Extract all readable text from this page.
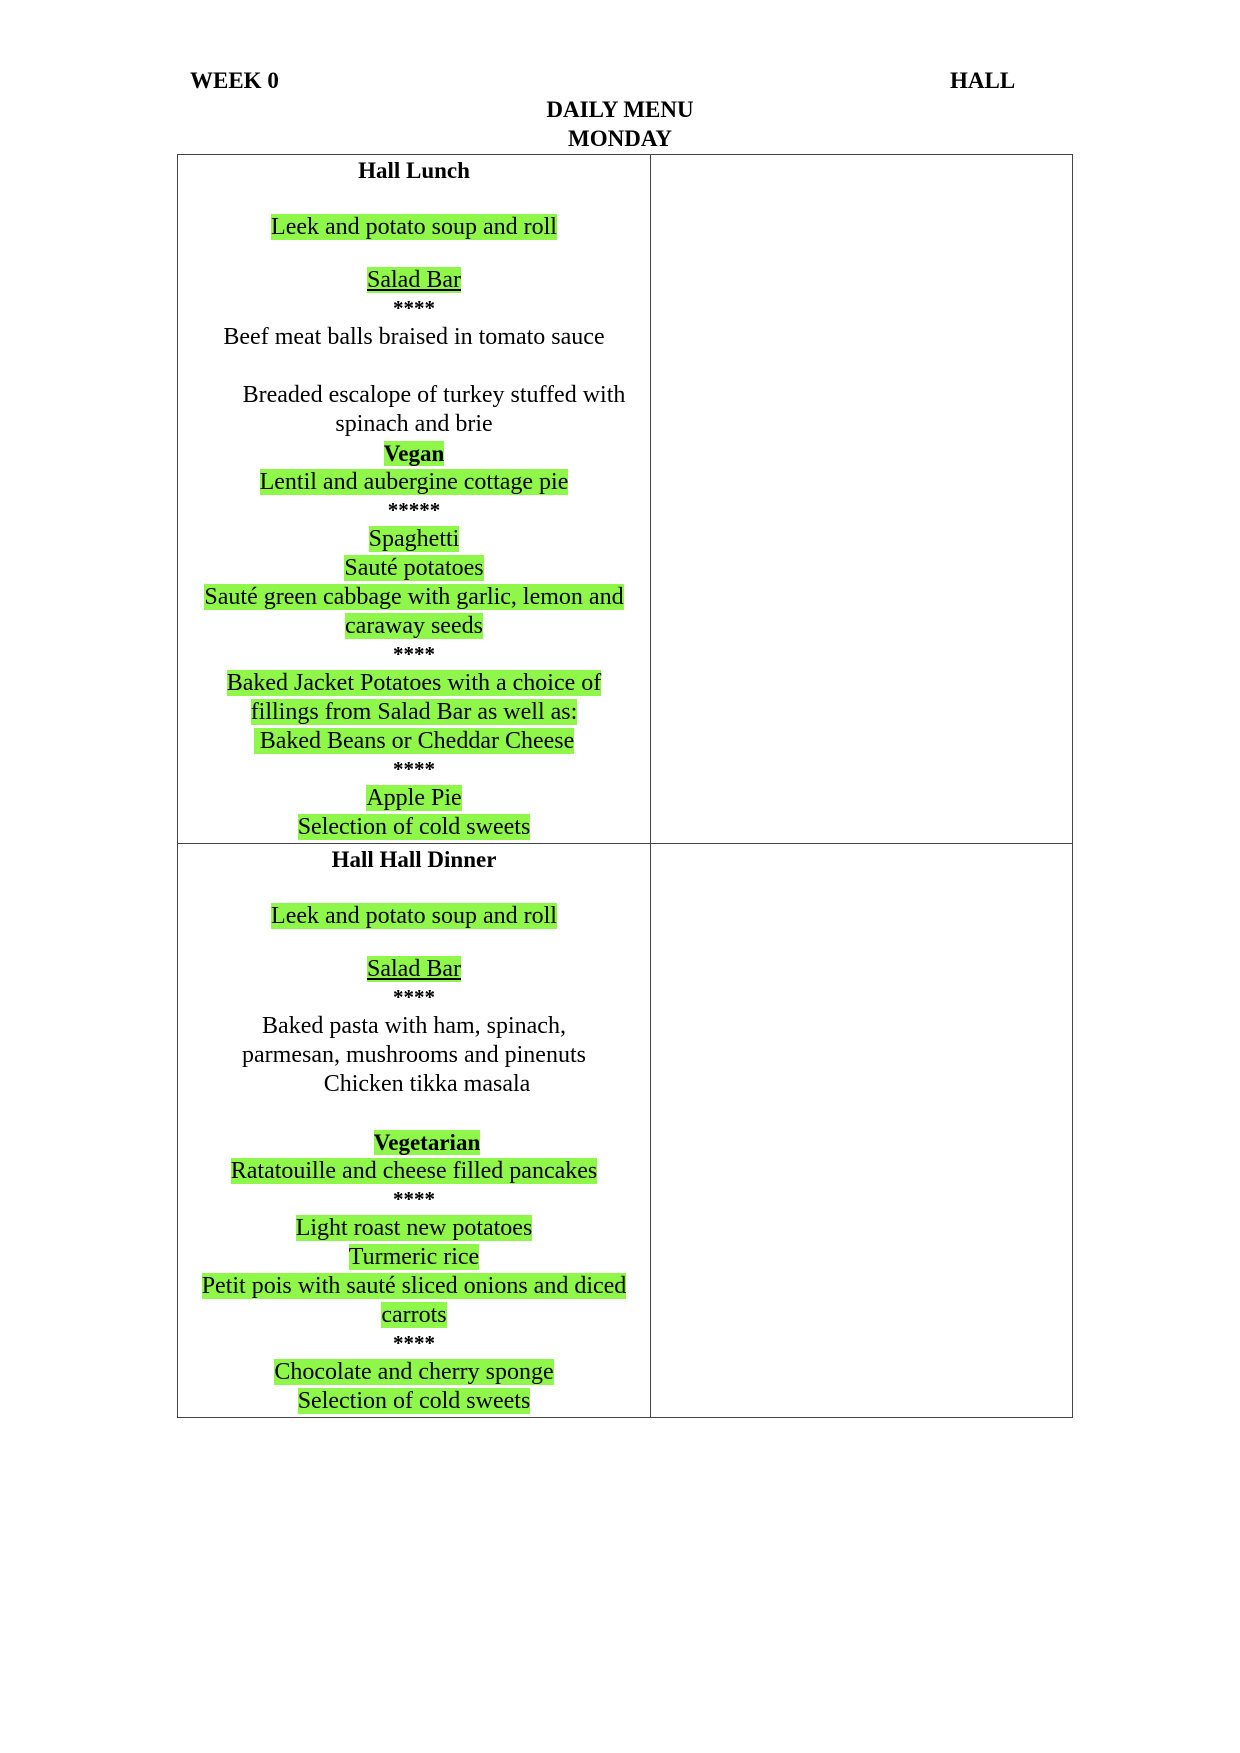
WEEK 0	HALL
DAILY MENU
MONDAY
Hall Lunch
Leek and potato soup and roll
Salad Bar
****
Beef meat balls braised in tomato sauce
Breaded escalope of turkey stuffed with
spinach and brie
Vegan
Lentil and aubergine cottage pie
*****
Spaghetti
Sauté potatoes
Sauté green cabbage with garlic, lemon and
caraway seeds
****
Baked Jacket Potatoes with a choice of
fillings from Salad Bar as well as:
Baked Beans or Cheddar Cheese
****
Apple Pie
Selection of cold sweets
Hall Hall Dinner
Leek and potato soup and roll
Salad Bar
****
Baked pasta with ham, spinach,
parmesan, mushrooms and pinenuts
Chicken tikka masala
Vegetarian
Ratatouille and cheese filled pancakes
****
Light roast new potatoes
Turmeric rice
Petit pois with sauté sliced onions and diced
carrots
****
Chocolate and cherry sponge
Selection of cold sweets
